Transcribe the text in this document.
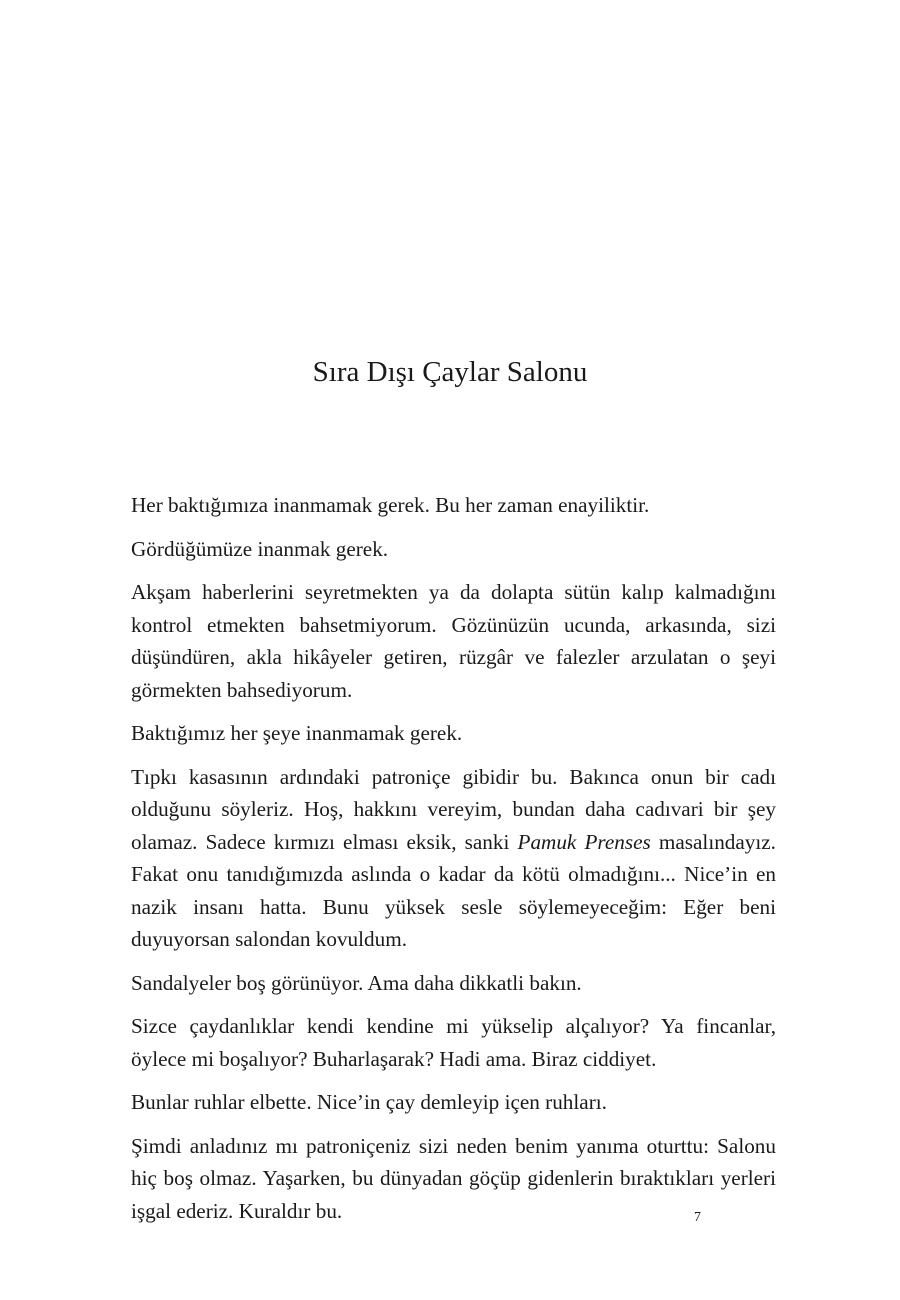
Sıra Dışı Çaylar Salonu

Her baktığımıza inanmamak gerek. Bu her zaman enayiliktir.

Gördüğümüze inanmak gerek.

Akşam haberlerini seyretmekten ya da dolapta sütün kalıp kalmadığını kontrol etmekten bahsetmiyorum. Gözünüzün ucunda, arkasında, sizi düşündüren, akla hikâyeler getiren, rüzgâr ve falezler arzulatan o şeyi görmekten bahsediyorum.

Baktığımız her şeye inanmamak gerek.

Tıpkı kasasının ardındaki patroniçe gibidir bu. Bakınca onun bir cadı olduğunu söyleriz. Hoş, hakkını vereyim, bundan daha cadıvari bir şey olamaz. Sadece kırmızı elması eksik, sanki Pamuk Prenses masalındayız. Fakat onu tanıdığımızda aslında o kadar da kötü olmadığını... Nice’in en nazik insanı hatta. Bunu yüksek sesle söylemeyeceğim: Eğer beni duyuyorsan salondan kovuldum.

Sandalyeler boş görünüyor. Ama daha dikkatli bakın.

Sizce çaydanlıklar kendi kendine mi yükselip alçalıyor? Ya fincanlar, öylece mi boşalıyor? Buharlaşarak? Hadi ama. Biraz ciddiyet.

Bunlar ruhlar elbette. Nice’in çay demleyip içen ruhları.

Şimdi anladınız mı patroniçeniz sizi neden benim yanıma oturttu: Salonu hiç boş olmaz. Yaşarken, bu dünyadan göçüp gidenlerin bıraktıkları yerleri işgal ederiz. Kuraldır bu.	7
